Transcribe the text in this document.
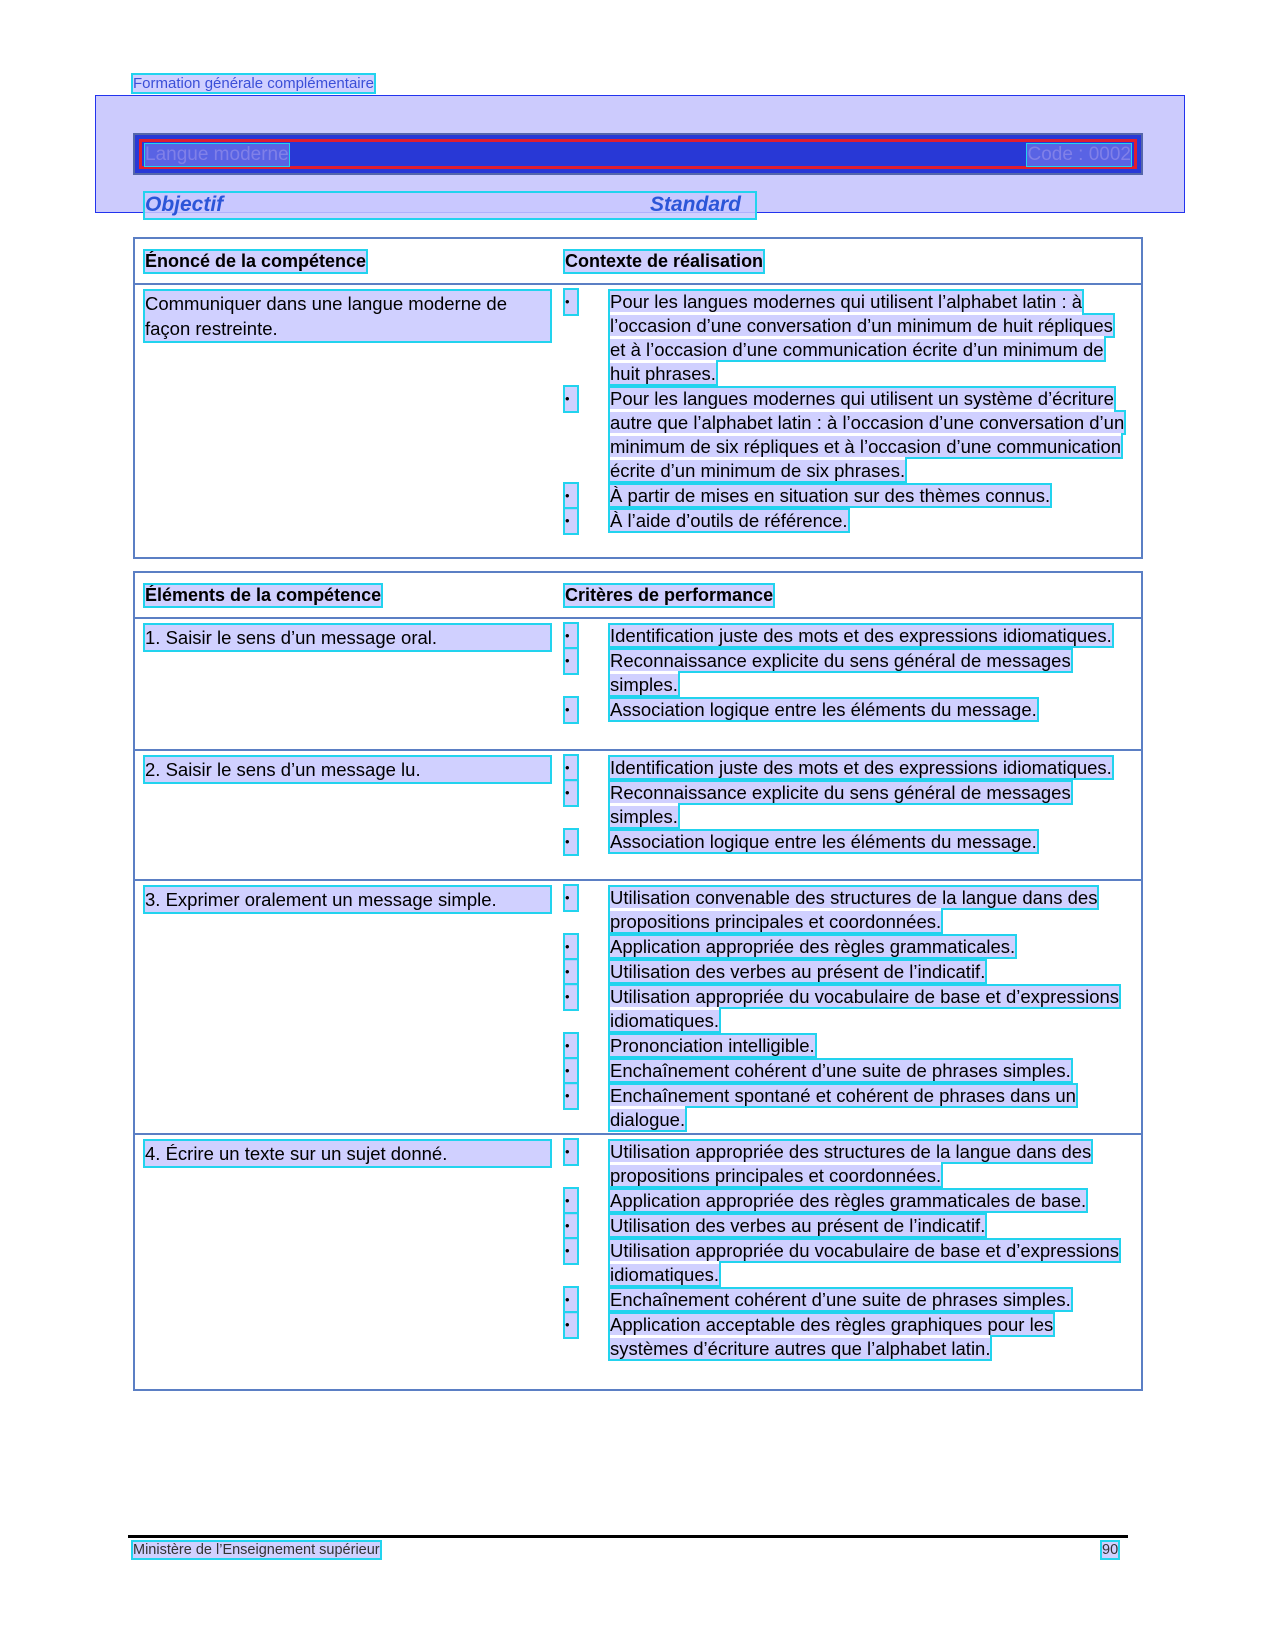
Formation générale complémentaire
Langue moderne	Code : 0002
Objectif	Standard
Énoncé de la compétence	Contexte de réalisation
Communiquer dans une langue moderne de façon restreinte.
•	Pour les langues modernes qui utilisent l’alphabet latin : à l’occasion d’une conversation d’un minimum de huit répliques et à l’occasion d’une communication écrite d’un minimum de huit phrases.
•	Pour les langues modernes qui utilisent un système d’écriture autre que l’alphabet latin : à l’occasion d’une conversation d’un minimum de six répliques et à l’occasion d’une communication écrite d’un minimum de six phrases.
•	À partir de mises en situation sur des thèmes connus.
•	À l’aide d’outils de référence.
Éléments de la compétence	Critères de performance
1. Saisir le sens d’un message oral.	•	Identification juste des mots et des expressions idiomatiques.
•	Reconnaissance explicite du sens général de messages simples.
•	Association logique entre les éléments du message.
2. Saisir le sens d’un message lu.	•	Identification juste des mots et des expressions idiomatiques.
•	Reconnaissance explicite du sens général de messages simples.
•	Association logique entre les éléments du message.
3. Exprimer oralement un message simple.	•	Utilisation convenable des structures de la langue dans des propositions principales et coordonnées.
•	Application appropriée des règles grammaticales.
•	Utilisation des verbes au présent de l’indicatif.
•	Utilisation appropriée du vocabulaire de base et d’expressions idiomatiques.
•	Prononciation intelligible.
•	Enchaînement cohérent d’une suite de phrases simples.
•	Enchaînement spontané et cohérent de phrases dans un dialogue.
4. Écrire un texte sur un sujet donné.	•	Utilisation appropriée des structures de la langue dans des propositions principales et coordonnées.
•	Application appropriée des règles grammaticales de base.
•	Utilisation des verbes au présent de l’indicatif.
•	Utilisation appropriée du vocabulaire de base et d’expressions idiomatiques.
•	Enchaînement cohérent d’une suite de phrases simples.
•	Application acceptable des règles graphiques pour les systèmes d’écriture autres que l’alphabet latin.
Ministère de l’Enseignement supérieur	90
